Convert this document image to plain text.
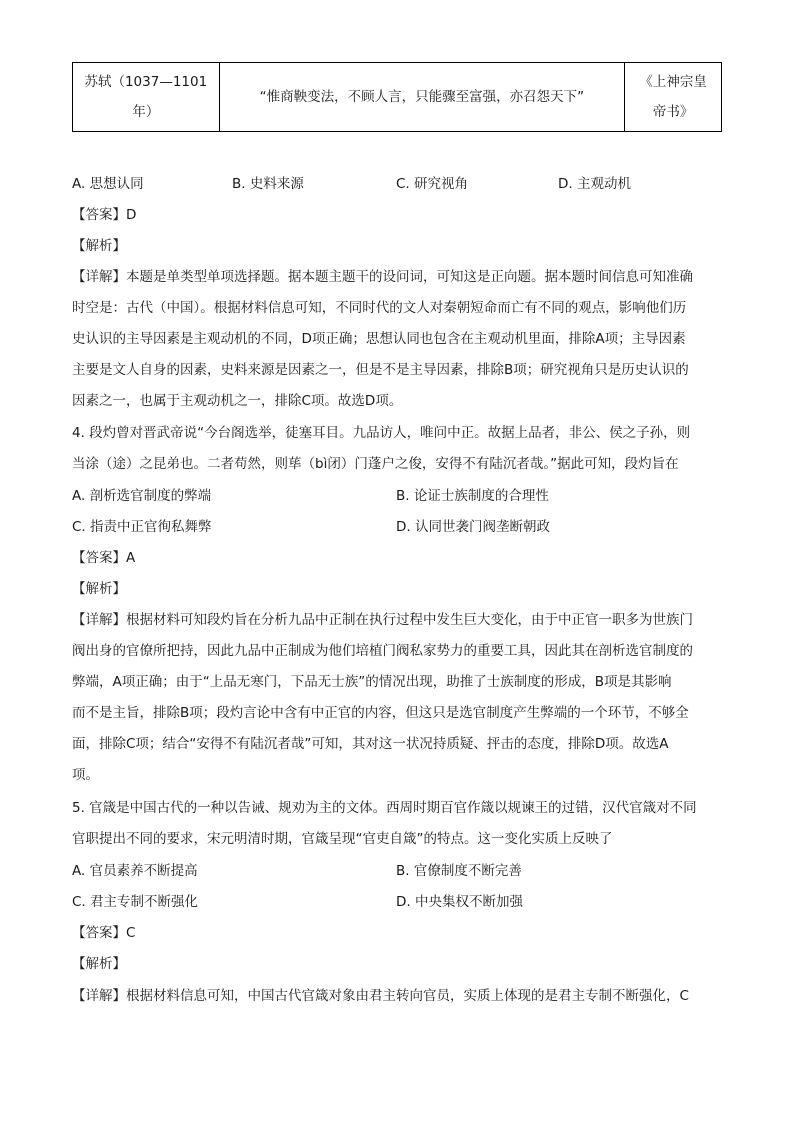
苏轼（1037—1101年）	“惟商鞅变法，不顾人言，只能骤至富强，亦召怨天下”	《上神宗皇帝书》
A. 思想认同	B. 史料来源	C. 研究视角	D. 主观动机
【答案】D
【解析】
【详解】本题是单类型单项选择题。据本题主题干的设问词，可知这是正向题。据本题时间信息可知准确
时空是：古代（中国）。根据材料信息可知，不同时代的文人对秦朝短命而亡有不同的观点，影响他们历
史认识的主导因素是主观动机的不同，D项正确；思想认同也包含在主观动机里面，排除A项；主导因素
主要是文人自身的因素，史料来源是因素之一，但是不是主导因素，排除B项；研究视角只是历史认识的
因素之一，也属于主观动机之一，排除C项。故选D项。
4. 段灼曾对晋武帝说“今台阁选举，徒塞耳目。九品访人，唯问中正。故据上品者，非公、侯之子孙，则
当涂（途）之昆弟也。二者苟然，则荜（bì闭）门蓬户之俊，安得不有陆沉者哉。”据此可知，段灼旨在
A. 剖析选官制度的弊端	B. 论证士族制度的合理性
C. 指责中正官徇私舞弊	D. 认同世袭门阀垄断朝政
【答案】A
【解析】
【详解】根据材料可知段灼旨在分析九品中正制在执行过程中发生巨大变化，由于中正官一职多为世族门
阀出身的官僚所把持，因此九品中正制成为他们培植门阀私家势力的重要工具，因此其在剖析选官制度的
弊端，A项正确；由于“上品无寒门，下品无士族”的情况出现，助推了士族制度的形成，B项是其影响
而不是主旨，排除B项；段灼言论中含有中正官的内容，但这只是选官制度产生弊端的一个环节，不够全
面，排除C项；结合“安得不有陆沉者哉”可知，其对这一状况持质疑、抨击的态度，排除D项。故选A
项。
5. 官箴是中国古代的一种以告诫、规劝为主的文体。西周时期百官作箴以规谏王的过错，汉代官箴对不同
官职提出不同的要求，宋元明清时期，官箴呈现“官吏自箴”的特点。这一变化实质上反映了
A. 官员素养不断提高	B. 官僚制度不断完善
C. 君主专制不断强化	D. 中央集权不断加强
【答案】C
【解析】
【详解】根据材料信息可知，中国古代官箴对象由君主转向官员，实质上体现的是君主专制不断强化，C
